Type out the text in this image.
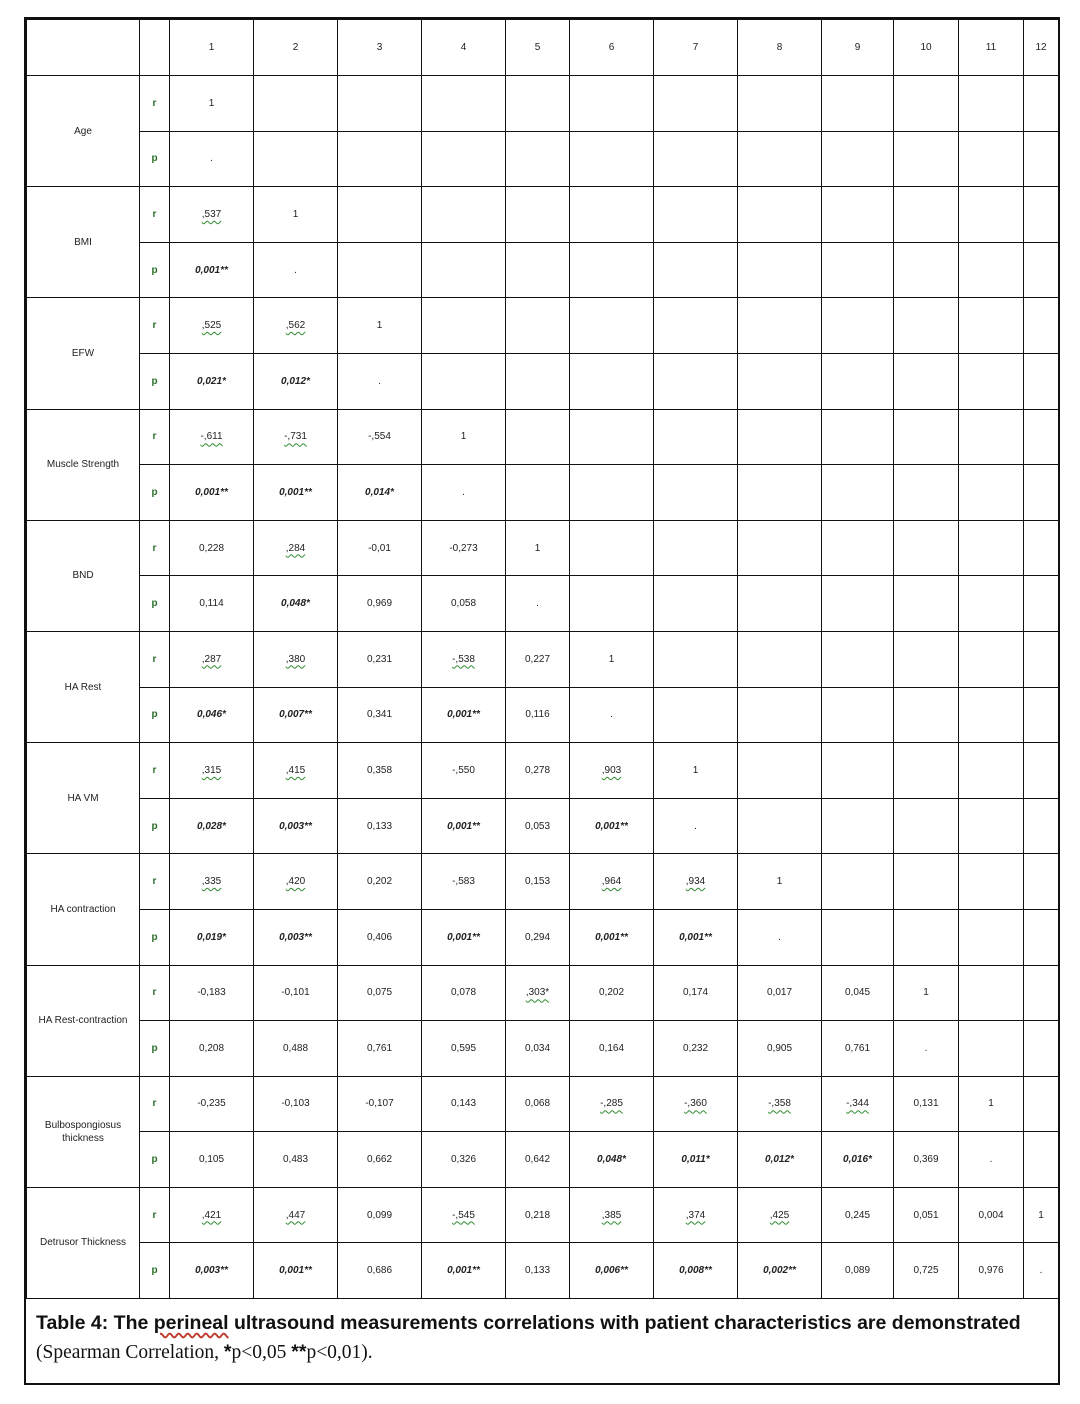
		1	2	3	4	5	6	7	8	9	10	11	12
Age	r	1											
	p	.											
BMI	r	,537	1										
	p	0,001**	.										
EFW	r	,525	,562	1									
	p	0,021*	0,012*	.									
Muscle Strength	r	-,611	-,731	-,554	1								
	p	0,001**	0,001**	0,014*	.								
BND	r	0,228	,284	-0,01	-0,273	1							
	p	0,114	0,048*	0,969	0,058	.							
HA Rest	r	,287	,380	0,231	-,538	0,227	1						
	p	0,046*	0,007**	0,341	0,001**	0,116	.						
HA VM	r	,315	,415	0,358	-,550	0,278	,903	1					
	p	0,028*	0,003**	0,133	0,001**	0,053	0,001**	.					
HA contraction	r	,335	,420	0,202	-,583	0,153	,964	,934	1				
	p	0,019*	0,003**	0,406	0,001**	0,294	0,001**	0,001**	.				
HA Rest-contraction	r	-0,183	-0,101	0,075	0,078	,303*	0,202	0,174	0,017	0,045	1		
	p	0,208	0,488	0,761	0,595	0,034	0,164	0,232	0,905	0,761	.		
Bulbospongiosus thickness	r	-0,235	-0,103	-0,107	0,143	0,068	-,285	-,360	-,358	-,344	0,131	1	
	p	0,105	0,483	0,662	0,326	0,642	0,048*	0,011*	0,012*	0,016*	0,369	.	
Detrusor Thickness	r	,421	,447	0,099	-,545	0,218	,385	,374	,425	0,245	0,051	0,004	1
	p	0,003**	0,001**	0,686	0,001**	0,133	0,006**	0,008**	0,002**	0,089	0,725	0,976	.
Table 4: The perineal ultrasound measurements correlations with patient characteristics are demonstrated (Spearman Correlation, *p<0,05 **p<0,01).
